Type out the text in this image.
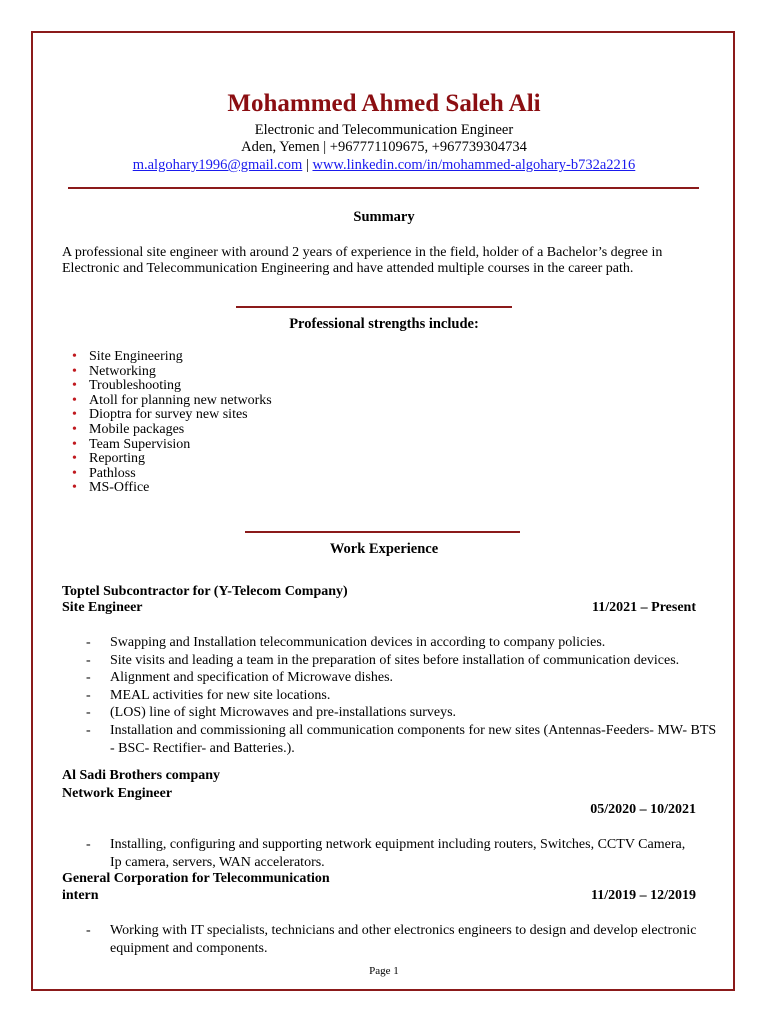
Mohammed Ahmed Saleh Ali
Electronic and Telecommunication Engineer
Aden, Yemen | +967771109675, +967739304734
m.algohary1996@gmail.com | www.linkedin.com/in/mohammed-algohary-b732a2216
Summary
A professional site engineer with around 2 years of experience in the field, holder of a Bachelor’s degree in Electronic and Telecommunication Engineering and have attended multiple courses in the career path.
Professional strengths include:
• Site Engineering
• Networking
• Troubleshooting
• Atoll for planning new networks
• Dioptra for survey new sites
• Mobile packages
• Team Supervision
• Reporting
• Pathloss
• MS-Office
Work Experience
Toptel Subcontractor for (Y-Telecom Company)
Site Engineer	11/2021 – Present
- Swapping and Installation telecommunication devices in according to company policies.
- Site visits and leading a team in the preparation of sites before installation of communication devices.
- Alignment and specification of Microwave dishes.
- MEAL activities for new site locations.
- (LOS) line of sight Microwaves and pre-installations surveys.
- Installation and commissioning all communication components for new sites (Antennas-Feeders- MW- BTS - BSC- Rectifier- and Batteries.).
Al Sadi Brothers company
Network Engineer
05/2020 – 10/2021
- Installing, configuring and supporting network equipment including routers, Switches, CCTV Camera, Ip camera, servers, WAN accelerators.
General Corporation for Telecommunication
intern	11/2019 – 12/2019
- Working with IT specialists, technicians and other electronics engineers to design and develop electronic equipment and components.
Page 1
